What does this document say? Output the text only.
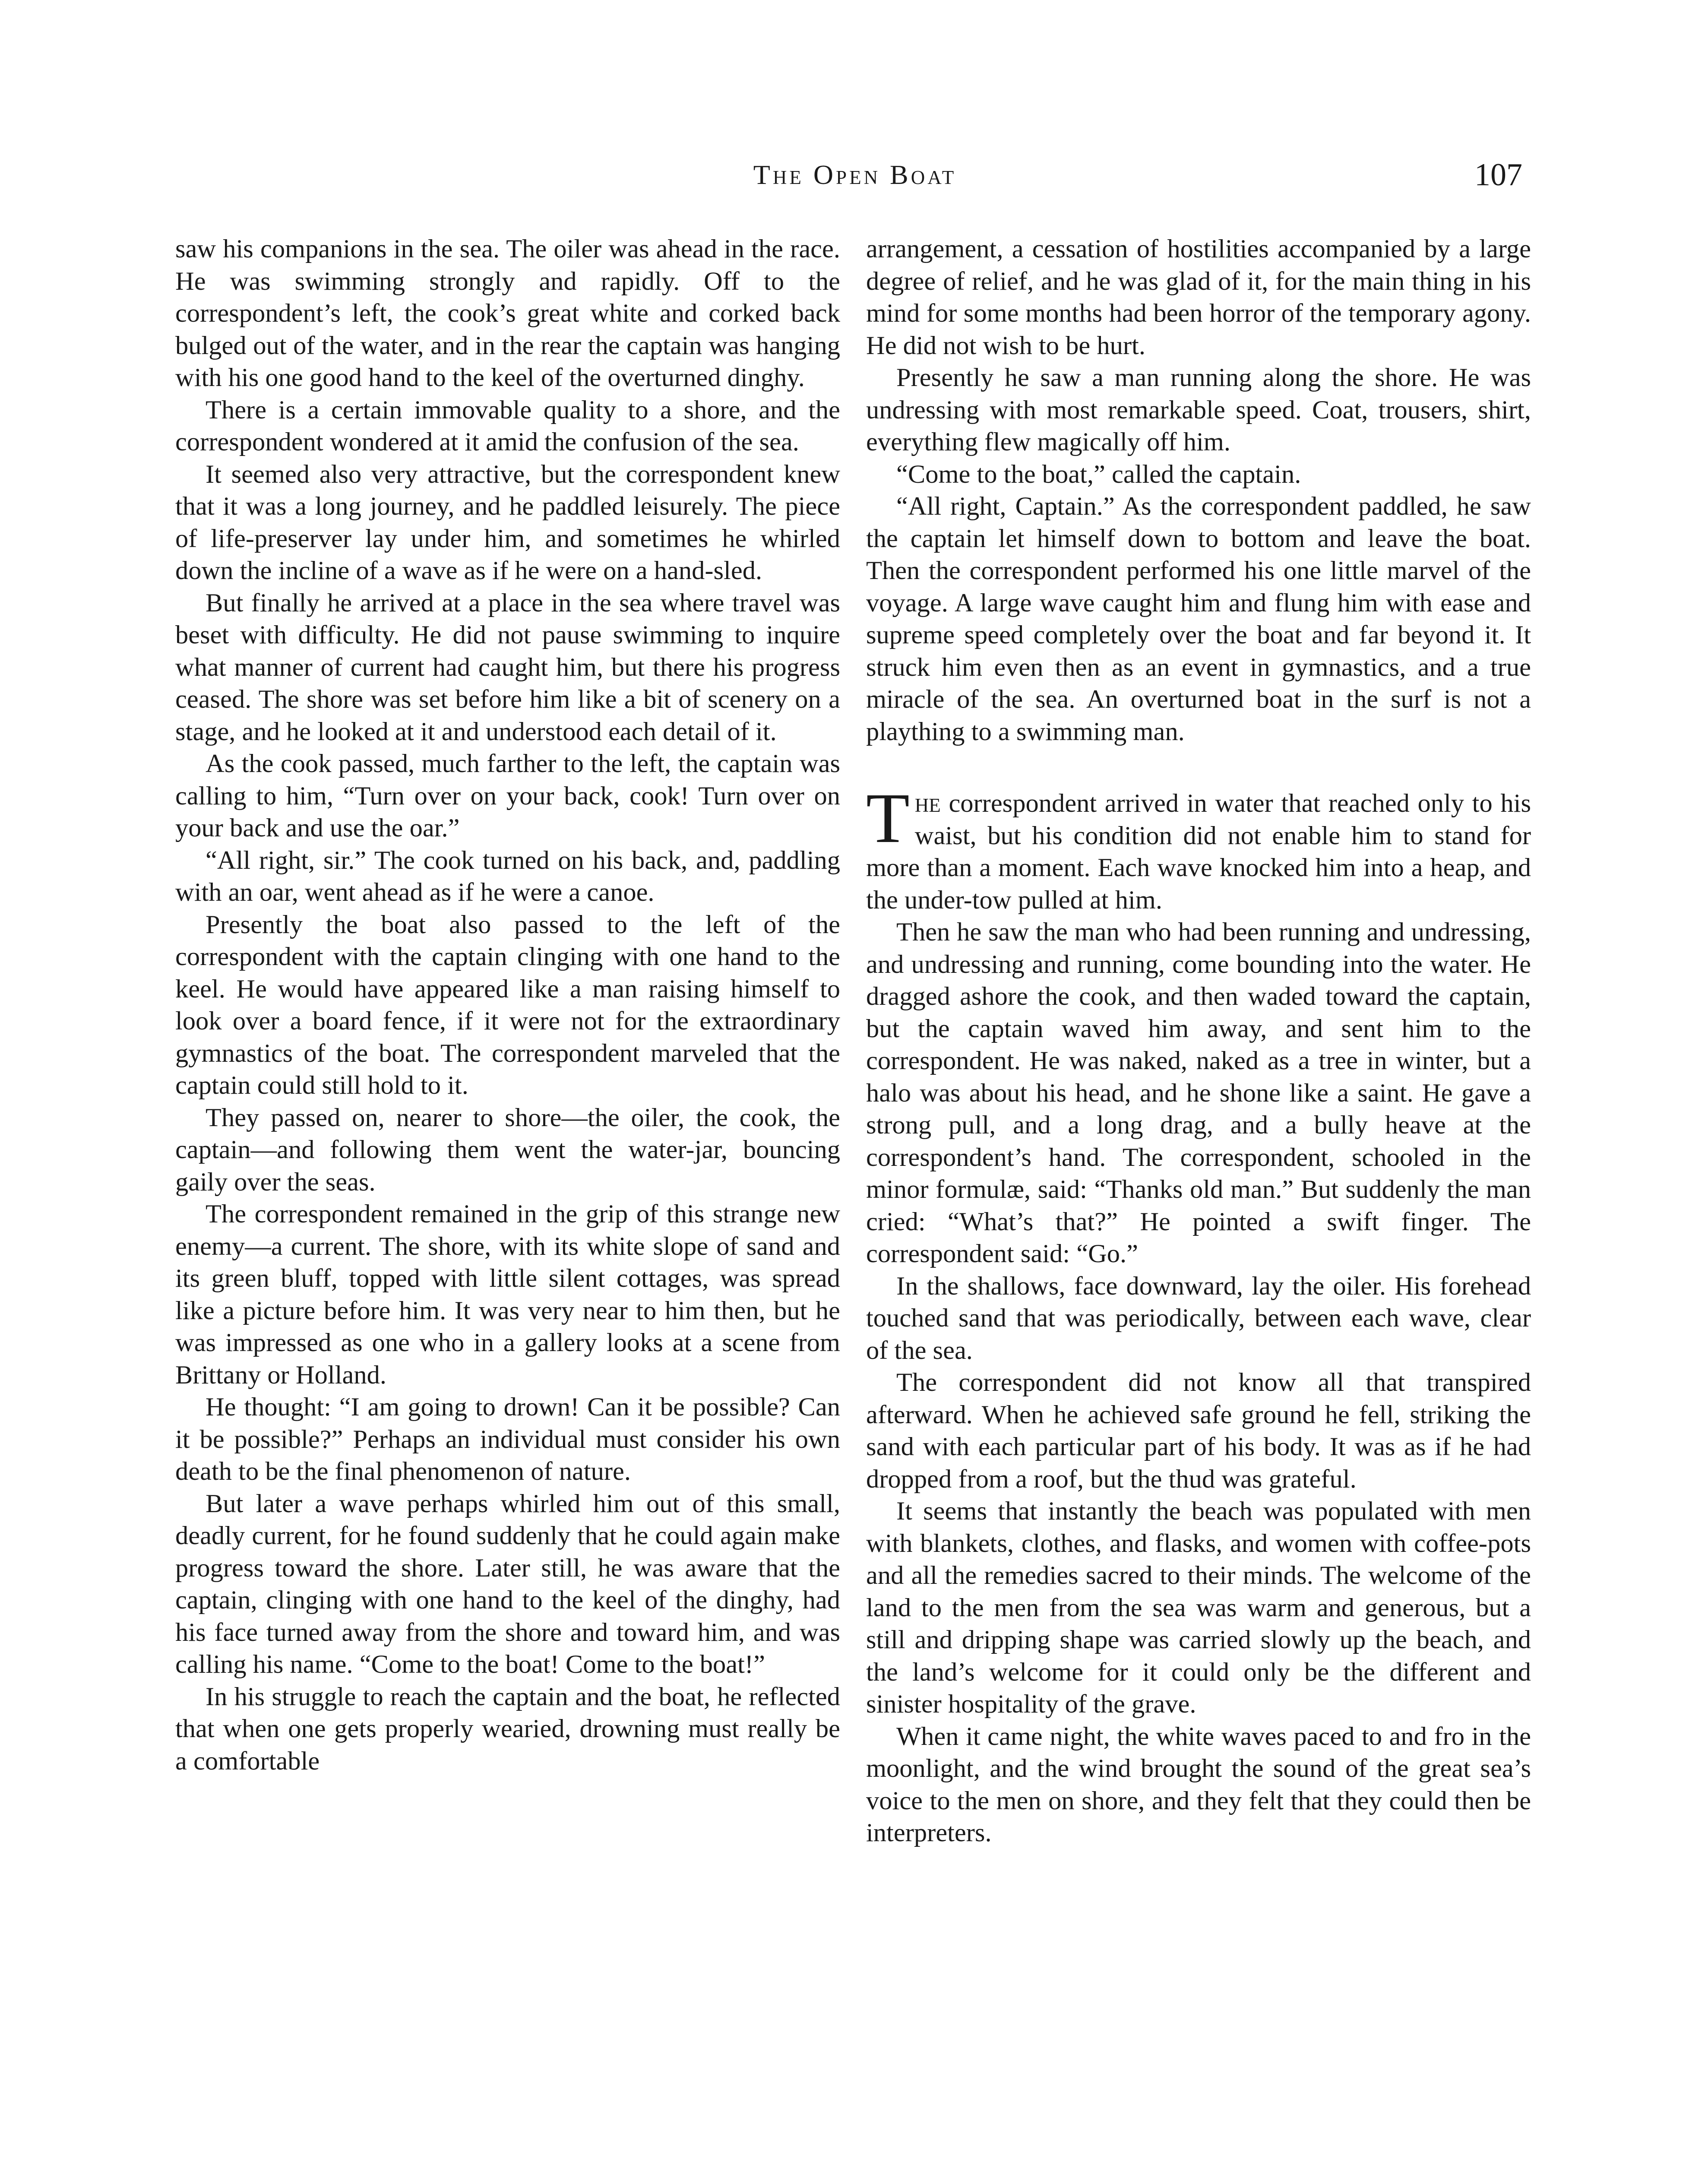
The Open Boat	107

saw his companions in the sea. The oiler was ahead in the race. He was swimming strongly and rapidly. Off to the correspondent’s left, the cook’s great white and corked back bulged out of the water, and in the rear the captain was hanging with his one good hand to the keel of the overturned dinghy.

There is a certain immovable quality to a shore, and the correspondent wondered at it amid the confusion of the sea.

It seemed also very attractive, but the correspondent knew that it was a long journey, and he paddled leisurely. The piece of life-preserver lay under him, and sometimes he whirled down the incline of a wave as if he were on a hand-sled.

But finally he arrived at a place in the sea where travel was beset with difficulty. He did not pause swimming to inquire what manner of current had caught him, but there his progress ceased. The shore was set before him like a bit of scenery on a stage, and he looked at it and understood each detail of it.

As the cook passed, much farther to the left, the captain was calling to him, “Turn over on your back, cook! Turn over on your back and use the oar.”

“All right, sir.” The cook turned on his back, and, paddling with an oar, went ahead as if he were a canoe.

Presently the boat also passed to the left of the correspondent with the captain clinging with one hand to the keel. He would have appeared like a man raising himself to look over a board fence, if it were not for the extraordinary gymnastics of the boat. The correspondent marveled that the captain could still hold to it.

They passed on, nearer to shore—the oiler, the cook, the captain—and following them went the water-jar, bouncing gaily over the seas.

The correspondent remained in the grip of this strange new enemy—a current. The shore, with its white slope of sand and its green bluff, topped with little silent cottages, was spread like a picture before him. It was very near to him then, but he was impressed as one who in a gallery looks at a scene from Brittany or Holland.

He thought: “I am going to drown! Can it be possible? Can it be possible?” Perhaps an individual must consider his own death to be the final phenomenon of nature.

But later a wave perhaps whirled him out of this small, deadly current, for he found suddenly that he could again make progress toward the shore. Later still, he was aware that the captain, clinging with one hand to the keel of the dinghy, had his face turned away from the shore and toward him, and was calling his name. “Come to the boat! Come to the boat!”

In his struggle to reach the captain and the boat, he reflected that when one gets properly wearied, drowning must really be a comfortable

arrangement, a cessation of hostilities accompanied by a large degree of relief, and he was glad of it, for the main thing in his mind for some months had been horror of the temporary agony. He did not wish to be hurt.

Presently he saw a man running along the shore. He was undressing with most remarkable speed. Coat, trousers, shirt, everything flew magically off him.

“Come to the boat,” called the captain.

“All right, Captain.” As the correspondent paddled, he saw the captain let himself down to bottom and leave the boat. Then the correspondent performed his one little marvel of the voyage. A large wave caught him and flung him with ease and supreme speed completely over the boat and far beyond it. It struck him even then as an event in gymnastics, and a true miracle of the sea. An overturned boat in the surf is not a plaything to a swimming man.

The correspondent arrived in water that reached only to his waist, but his condition did not enable him to stand for more than a moment. Each wave knocked him into a heap, and the under-tow pulled at him.

Then he saw the man who had been running and undressing, and undressing and running, come bounding into the water. He dragged ashore the cook, and then waded toward the captain, but the captain waved him away, and sent him to the correspondent. He was naked, naked as a tree in winter, but a halo was about his head, and he shone like a saint. He gave a strong pull, and a long drag, and a bully heave at the correspondent’s hand. The correspondent, schooled in the minor formulæ, said: “Thanks old man.” But suddenly the man cried: “What’s that?” He pointed a swift finger. The correspondent said: “Go.”

In the shallows, face downward, lay the oiler. His forehead touched sand that was periodically, between each wave, clear of the sea.

The correspondent did not know all that transpired afterward. When he achieved safe ground he fell, striking the sand with each particular part of his body. It was as if he had dropped from a roof, but the thud was grateful.

It seems that instantly the beach was populated with men with blankets, clothes, and flasks, and women with coffee-pots and all the remedies sacred to their minds. The welcome of the land to the men from the sea was warm and generous, but a still and dripping shape was carried slowly up the beach, and the land’s welcome for it could only be the different and sinister hospitality of the grave.

When it came night, the white waves paced to and fro in the moonlight, and the wind brought the sound of the great sea’s voice to the men on shore, and they felt that they could then be interpreters.
